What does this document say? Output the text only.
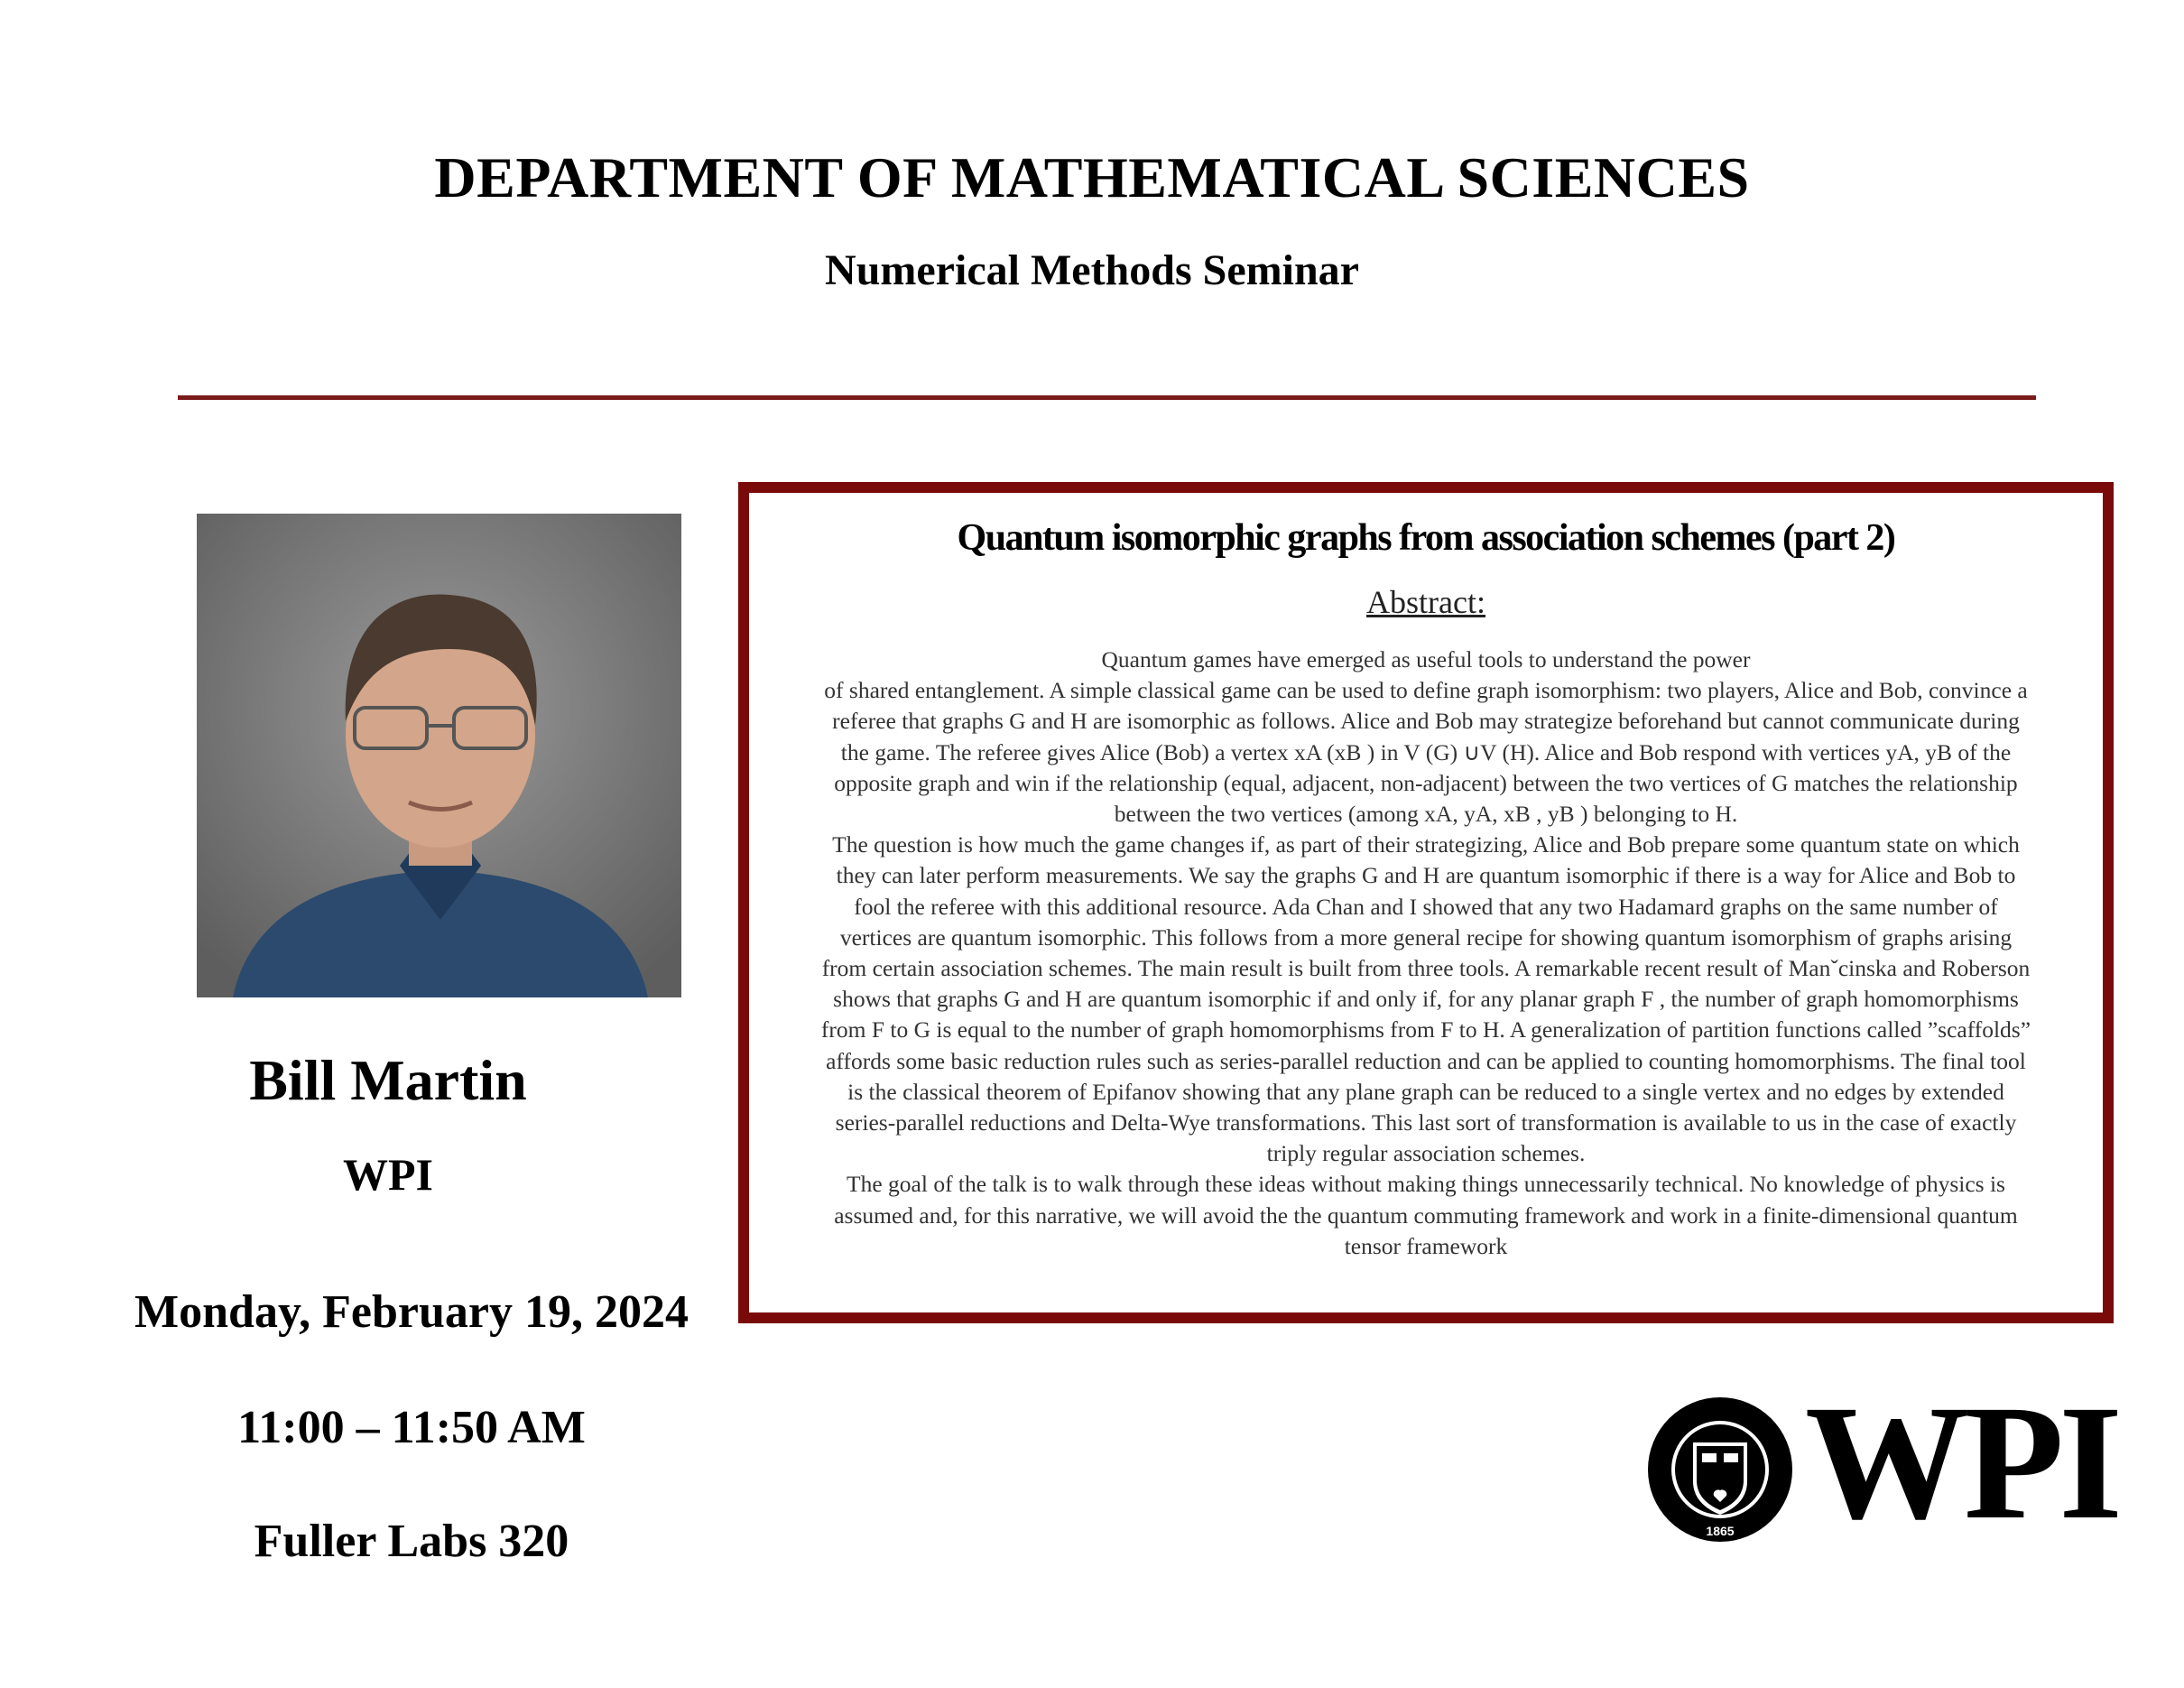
DEPARTMENT OF MATHEMATICAL SCIENCES
Numerical Methods Seminar
Bill Martin
WPI
Monday, February 19, 2024
11:00 – 11:50 AM
Fuller Labs 320
Quantum isomorphic graphs from association schemes (part 2)
Abstract:
Quantum games have emerged as useful tools to understand the power
of shared entanglement. A simple classical game can be used to define graph isomorphism: two players, Alice and Bob, convince a
referee that graphs G and H are isomorphic as follows. Alice and Bob may strategize beforehand but cannot communicate during
the game. The referee gives Alice (Bob) a vertex xA (xB ) in V (G) ∪V (H). Alice and Bob respond with vertices yA, yB of the
opposite graph and win if the relationship (equal, adjacent, non-adjacent) between the two vertices of G matches the relationship
between the two vertices (among xA, yA, xB , yB ) belonging to H.
The question is how much the game changes if, as part of their strategizing, Alice and Bob prepare some quantum state on which
they can later perform measurements. We say the graphs G and H are quantum isomorphic if there is a way for Alice and Bob to
fool the referee with this additional resource. Ada Chan and I showed that any two Hadamard graphs on the same number of
vertices are quantum isomorphic. This follows from a more general recipe for showing quantum isomorphism of graphs arising
from certain association schemes. The main result is built from three tools. A remarkable recent result of Manˇcinska and Roberson
shows that graphs G and H are quantum isomorphic if and only if, for any planar graph F , the number of graph homomorphisms
from F to G is equal to the number of graph homomorphisms from F to H. A generalization of partition functions called ”scaffolds”
affords some basic reduction rules such as series-parallel reduction and can be applied to counting homomorphisms. The final tool
is the classical theorem of Epifanov showing that any plane graph can be reduced to a single vertex and no edges by extended
series-parallel reductions and Delta-Wye transformations. This last sort of transformation is available to us in the case of exactly
triply regular association schemes.
The goal of the talk is to walk through these ideas without making things unnecessarily technical. No knowledge of physics is
assumed and, for this narrative, we will avoid the the quantum commuting framework and work in a finite-dimensional quantum
tensor framework
1865 WPI
